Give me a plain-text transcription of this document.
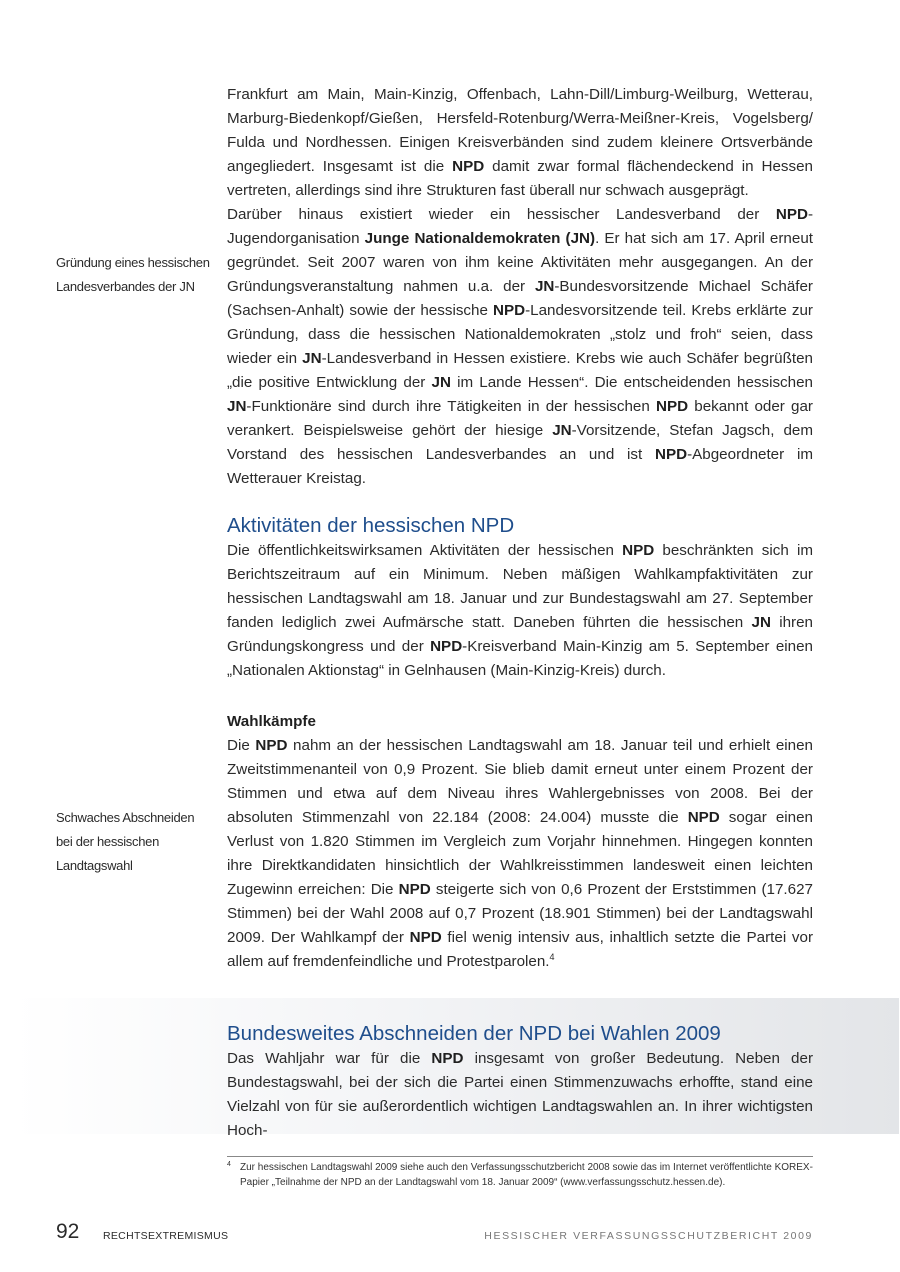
Frankfurt am Main, Main-Kinzig, Offenbach, Lahn-Dill/Limburg-Weilburg, Wetterau, Marburg-Biedenkopf/Gießen, Hersfeld-Rotenburg/Werra-Meißner-Kreis, Vogelsberg/ Fulda und Nordhessen. Einigen Kreisverbänden sind zudem kleinere Ortsverbände angegliedert. Insgesamt ist die NPD damit zwar formal flächendeckend in Hessen vertreten, allerdings sind ihre Strukturen fast überall nur schwach ausgeprägt.

Gründung eines hessischen
Landesverbandes der JN

Darüber hinaus existiert wieder ein hessischer Landesverband der NPD-Jugendorganisation Junge Nationaldemokraten (JN). Er hat sich am 17. April erneut gegründet. Seit 2007 waren von ihm keine Aktivitäten mehr ausgegangen. An der Gründungsveranstaltung nahmen u.a. der JN-Bundesvorsitzende Michael Schäfer (Sachsen-Anhalt) sowie der hessische NPD-Landesvorsitzende teil. Krebs erklärte zur Gründung, dass die hessischen Nationaldemokraten „stolz und froh“ seien, dass wieder ein JN-Landesverband in Hessen existiere. Krebs wie auch Schäfer begrüßten „die positive Entwicklung der JN im Lande Hessen“. Die entscheidenden hessischen JN-Funktionäre sind durch ihre Tätigkeiten in der hessischen NPD bekannt oder gar verankert. Beispielsweise gehört der hiesige JN-Vorsitzende, Stefan Jagsch, dem Vorstand des hessischen Landesverbandes an und ist NPD-Abgeordneter im Wetterauer Kreistag.

Aktivitäten der hessischen NPD

Die öffentlichkeitswirksamen Aktivitäten der hessischen NPD beschränkten sich im Berichtszeitraum auf ein Minimum. Neben mäßigen Wahlkampfaktivitäten zur hessischen Landtagswahl am 18. Januar und zur Bundestagswahl am 27. September fanden lediglich zwei Aufmärsche statt. Daneben führten die hessischen JN ihren Gründungskongress und der NPD-Kreisverband Main-Kinzig am 5. September einen „Nationalen Aktionstag“ in Gelnhausen (Main-Kinzig-Kreis) durch.

Wahlkämpfe

Die NPD nahm an der hessischen Landtagswahl am 18. Januar teil und erhielt einen Zweitstimmenanteil von 0,9 Prozent. Sie blieb damit erneut unter einem Prozent der Stimmen und etwa auf dem Niveau ihres Wahlergebnisses von 2008. Bei der absoluten Stimmenzahl von 22.184 (2008: 24.004) musste die NPD sogar einen Verlust von 1.820 Stimmen im Vergleich zum Vorjahr hinnehmen. Hingegen konnten ihre Direktkandidaten hinsichtlich der Wahlkreisstimmen landesweit einen leichten Zugewinn erreichen: Die NPD steigerte sich von 0,6 Prozent der Erststimmen (17.627 Stimmen) bei der Wahl 2008 auf 0,7 Prozent (18.901 Stimmen) bei der Landtagswahl 2009. Der Wahlkampf der NPD fiel wenig intensiv aus, inhaltlich setzte die Partei vor allem auf fremdenfeindliche und Protestparolen.$^4$

Schwaches Abschneiden
bei der hessischen
Landtagswahl
Bundesweites Abschneiden der NPD bei Wahlen 2009

Das Wahljahr war für die NPD insgesamt von großer Bedeutung. Neben der Bundestagswahl, bei der sich die Partei einen Stimmenzuwachs erhoffte, stand eine Vielzahl von für sie außerordentlich wichtigen Landtagswahlen an. In ihrer wichtigsten Hoch-

4 Zur hessischen Landtagswahl 2009 siehe auch den Verfassungsschutzbericht 2008 sowie das im Internet veröffentlichte KOREX-Papier „Teilnahme der NPD an der Landtagswahl vom 18. Januar 2009“ (www.verfassungsschutz.hessen.de).
92 RECHTSEXTREMISMUS	HESSISCHER VERFASSUNGSSCHUTZBERICHT 2009
